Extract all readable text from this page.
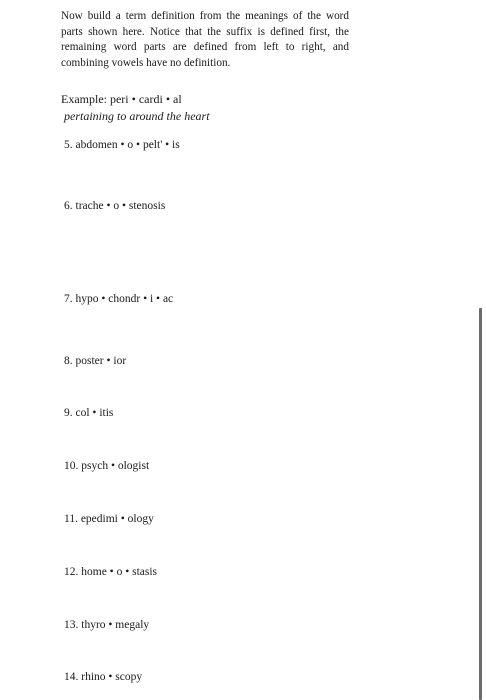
Now build a term definition from the meanings of the word parts shown here. Notice that the suffix is defined first, the remaining word parts are defined from left to right, and combining vowels have no definition.

Example: peri • cardi • al

pertaining to around the heart

5. abdomen • o • pelt' • is

6. trache • o • stenosis

7. hypo • chondr • i • ac

8. poster • ior

9. col • itis

10. psych • ologist

11. epedimi • ology

12. home • o • stasis

13. thyro • megaly

14. rhino • scopy
